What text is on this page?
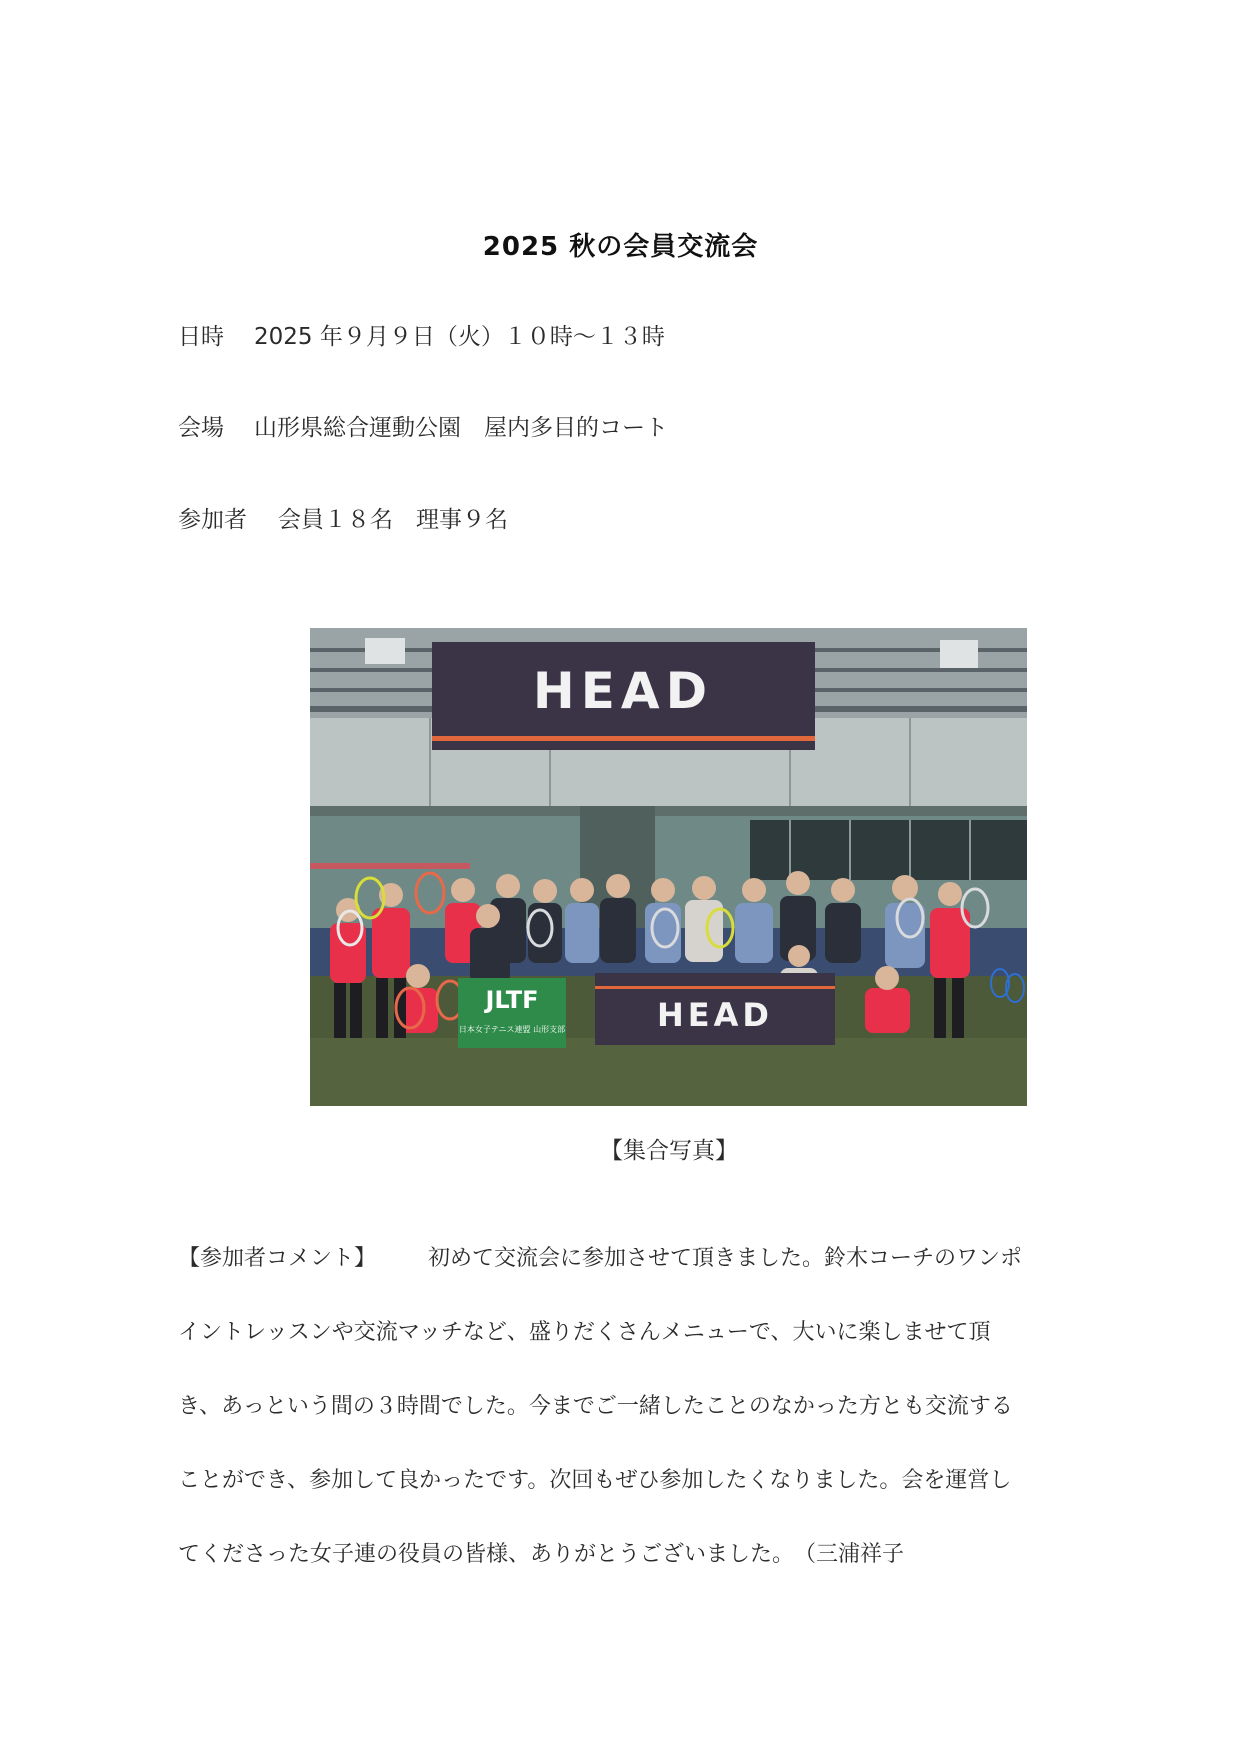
2025 秋の会員交流会
日時 2025 年９月９日（火）１０時～１３時
会場 山形県総合運動公園　屋内多目的コート
参加者 会員１８名　理事９名
HEAD
JLTF
日本女子テニス連盟 山形支部	HEAD
【集合写真】
【参加者コメント】 初めて交流会に参加させて頂きました。鈴木コーチのワンポ
イントレッスンや交流マッチなど、盛りだくさんメニューで、大いに楽しませて頂
き、あっという間の３時間でした。今までご一緒したことのなかった方とも交流する
ことができ、参加して良かったです。次回もぜひ参加したくなりました。会を運営し
てくださった女子連の役員の皆様、ありがとうございました。　（三浦祥子
